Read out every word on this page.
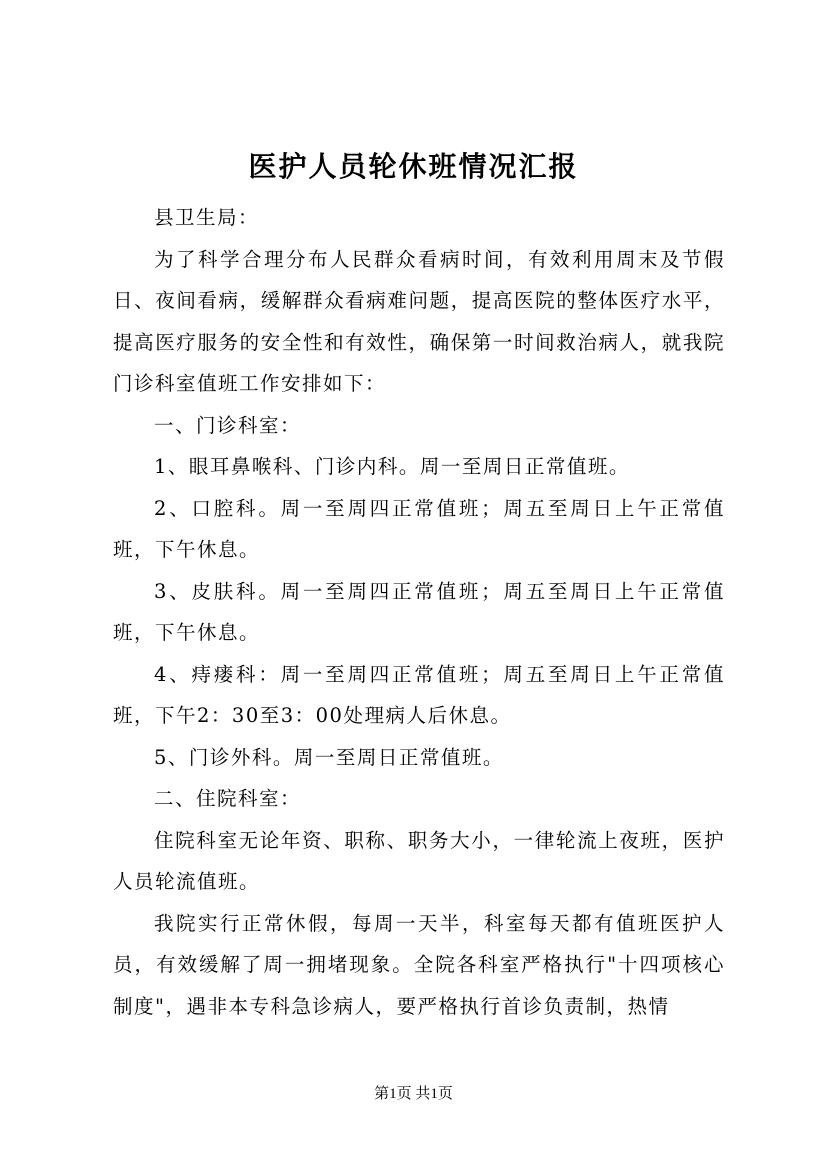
医护人员轮休班情况汇报

县卫生局：

为了科学合理分布人民群众看病时间，有效利用周末及节假日、夜间看病，缓解群众看病难问题，提高医院的整体医疗水平，提高医疗服务的安全性和有效性，确保第一时间救治病人，就我院门诊科室值班工作安排如下：

一、门诊科室：

1、眼耳鼻喉科、门诊内科。周一至周日正常值班。

2、口腔科。周一至周四正常值班；周五至周日上午正常值班，下午休息。

3、皮肤科。周一至周四正常值班；周五至周日上午正常值班，下午休息。

4、痔瘘科：周一至周四正常值班；周五至周日上午正常值班，下午2：30至3：00处理病人后休息。

5、门诊外科。周一至周日正常值班。

二、住院科室：

住院科室无论年资、职称、职务大小，一律轮流上夜班，医护人员轮流值班。

我院实行正常休假，每周一天半，科室每天都有值班医护人员，有效缓解了周一拥堵现象。全院各科室严格执行"十四项核心制度"，遇非本专科急诊病人，要严格执行首诊负责制，热情

第1页 共1页
